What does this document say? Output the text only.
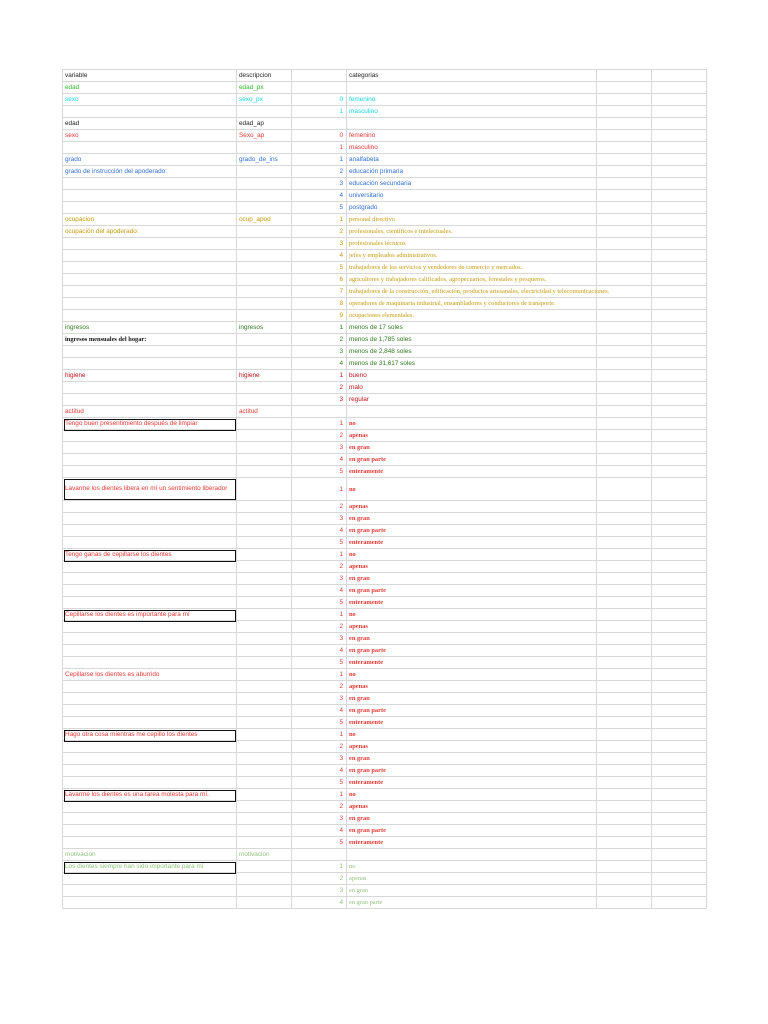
variable	descripcion		categorias		
edad	edad_px				
sexo	sexo_px	0	femenino		
		1	masculino		
edad	edad_ap				
sexo	Sexo_ap	0	femenino		
		1	masculino		
grado	grado_de_ins	1	analfabeta		
grado de instrucción del apoderado:		2	educación primaria		
		3	educación secundaria		
		4	universitario		
		5	postgrado		
ocupacion	ocup_apod	1	personal directivo		
ocupación del apoderado:		2	profesionales, científicos e intelectuales.		
		3	profesionales técnicos		
		4	jefes y empleados administrativos.		
		5	trabajadores de los servicios y vendedores de comercio y mercados.		
		6	agricultores y trabajadores calificados, agropecuarios, forestales y pesqueros.		
		7	trabajadores de la construcción, edificación, productos artesanales, electricidad y telecomunicaciones.		
		8	operadores de maquinaria industrial, ensambladores y conductores de transporte.		
		9	ocupaciones elementales.		
ingresos	ingresos	1	menos de 17 soles		
ingresos mensuales del hogar:		2	menos de 1,785 soles		
		3	menos de 2,848 soles		
		4	menos de 31,617 soles		
higiene	higiene	1	bueno		
		2	malo		
		3	regular		
actitud	actitud				
Tengo buen presentimiento después de limpiar		1	no		
		2	apenas		
		3	en gran		
		4	en gran parte		
		5	enteramente		
Lavarme los dientes libera en mí un sentimiento liberador		1	no		
		2	apenas		
		3	en gran		
		4	en gran parte		
		5	enteramente		
Tengo ganas de cepillarse los dientes		1	no		
		2	apenas		
		3	en gran		
		4	en gran parte		
		5	enteramente		
Cepillarse los dientes es importante para mí		1	no		
		2	apenas		
		3	en gran		
		4	en gran parte		
		5	enteramente		
Cepillarse los dientes es aburrido		1	no		
		2	apenas		
		3	en gran		
		4	en gran parte		
		5	enteramente		
Hago otra cosa mientras me cepillo los dientes		1	no		
		2	apenas		
		3	en gran		
		4	en gran parte		
		5	enteramente		
Lavarme los dientes es una tarea molesta para mí.		1	no		
		2	apenas		
		3	en gran		
		4	en gran parte		
		5	enteramente		
motivacion	motivacion				
Los dientes siempre han sido importante para mí		1	no		
		2	apenas		
		3	en gran		
		4	en gran parte		
